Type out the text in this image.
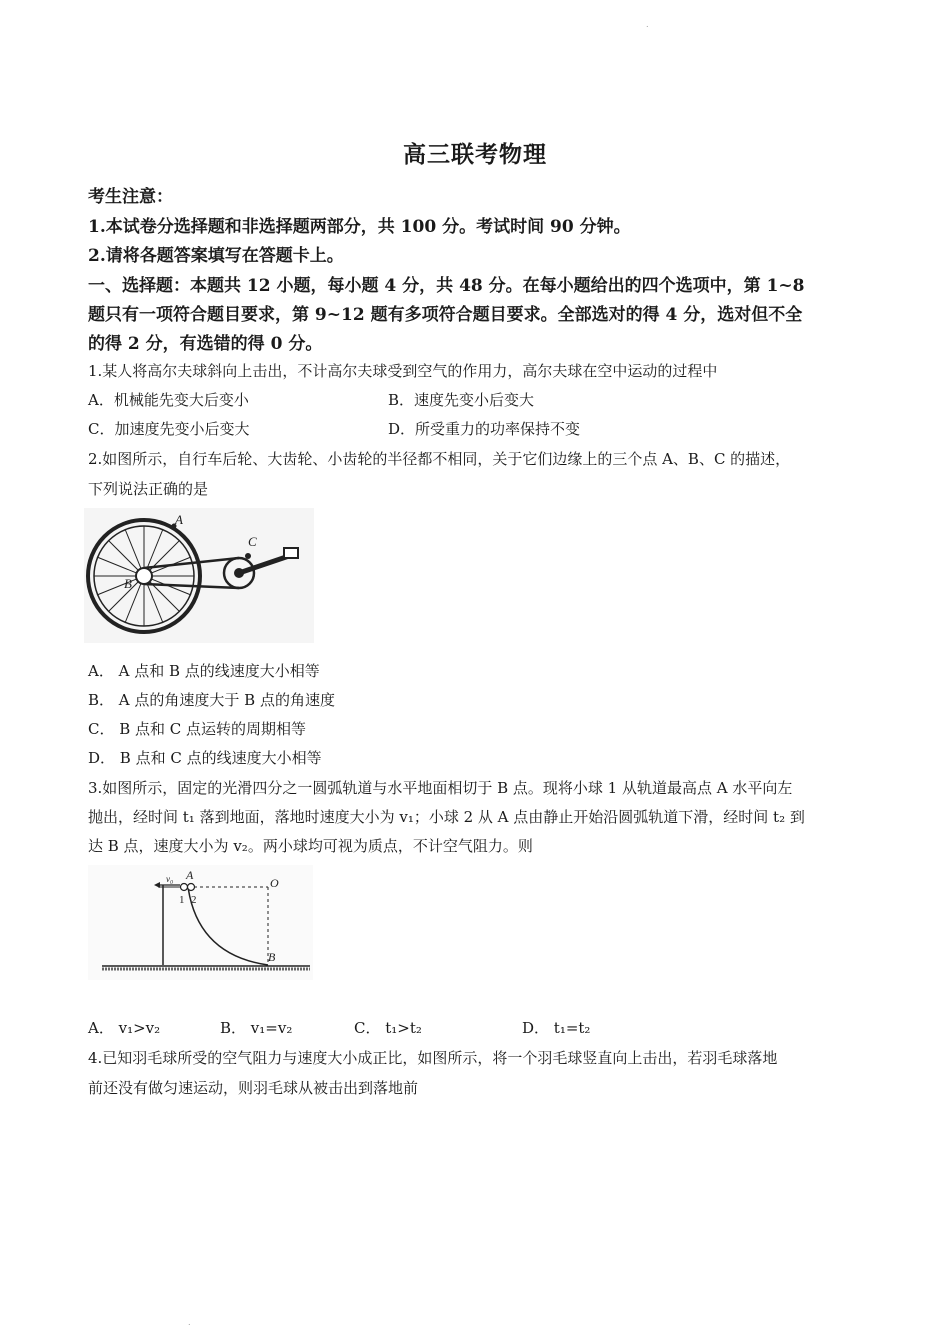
.
高三联考物理
考生注意：
1.本试卷分选择题和非选择题两部分，共 100 分。考试时间 90 分钟。
2.请将各题答案填写在答题卡上。
一、选择题：本题共 12 小题，每小题 4 分，共 48 分。在每小题给出的四个选项中，第 1~8
题只有一项符合题目要求，第 9~12 题有多项符合题目要求。全部选对的得 4 分，选对但不全
的得 2 分，有选错的得 0 分。
1.某人将高尔夫球斜向上击出，不计高尔夫球受到空气的作用力，高尔夫球在空中运动的过程中
A．机械能先变大后变小	B．速度先变小后变大
C．加速度先变小后变大	D．所受重力的功率保持不变
2.如图所示，自行车后轮、大齿轮、小齿轮的半径都不相同，关于它们边缘上的三个点 A、B、C 的描述，
下列说法正确的是
A
B
C
A． A 点和 B 点的线速度大小相等
B． A 点的角速度大于 B 点的角速度
C． B 点和 C 点运转的周期相等
D． B 点和 C 点的线速度大小相等
3.如图所示，固定的光滑四分之一圆弧轨道与水平地面相切于 B 点。现将小球 1 从轨道最高点 A 水平向左
抛出，经时间 t₁ 落到地面，落地时速度大小为 v₁；小球 2 从 A 点由静止开始沿圆弧轨道下滑，经时间 t₂ 到
达 B 点，速度大小为 v₂。两小球均可视为质点，不计空气阻力。则
v₀ A
O
1 2
B
A． v₁>v₂	B． v₁=v₂	C． t₁>t₂	D． t₁=t₂
4.已知羽毛球所受的空气阻力与速度大小成正比，如图所示，将一个羽毛球竖直向上击出，若羽毛球落地
前还没有做匀速运动，则羽毛球从被击出到落地前
.
